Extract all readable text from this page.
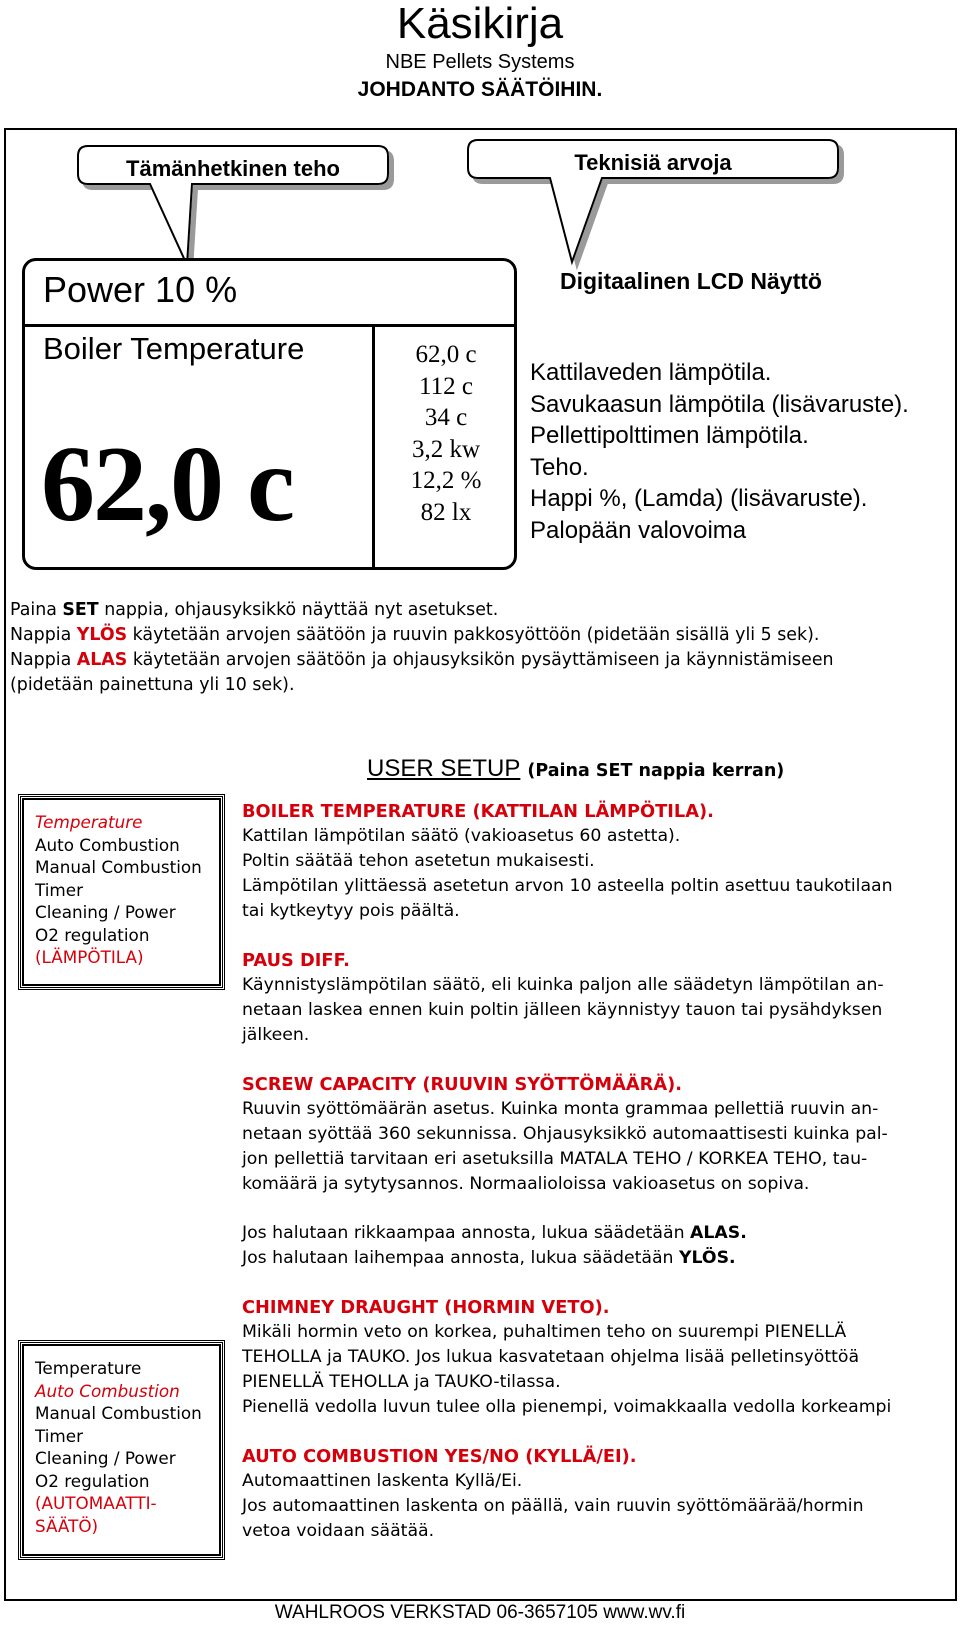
Käsikirja
NBE Pellets Systems
JOHDANTO SÄÄTÖIHIN.
Tämänhetkinen teho	Teknisiä arvoja
Power 10 %
Boiler Temperature
62,0 c
62,0 c
112 c
34 c
3,2 kw
12,2 %
82 lx
Digitaalinen LCD Näyttö
Kattilaveden lämpötila.
Savukaasun lämpötila (lisävaruste).
Pellettipolttimen lämpötila.
Teho.
Happi %, (Lamda) (lisävaruste).
Palopään valovoima
Paina SET nappia, ohjausyksikkö näyttää nyt asetukset.
Nappia YLÖS käytetään arvojen säätöön ja ruuvin pakkosyöttöön (pidetään sisällä yli 5 sek).
Nappia ALAS käytetään arvojen säätöön ja ohjausyksikön pysäyttämiseen ja käynnistämiseen
(pidetään painettuna yli 10 sek).
USER SETUP (Paina SET nappia kerran)
Temperature
Auto Combustion
Manual Combustion
Timer
Cleaning / Power
O2 regulation
(LÄMPÖTILA)
Temperature
Auto Combustion
Manual Combustion
Timer
Cleaning / Power
O2 regulation
(AUTOMAATTI-
SÄÄTÖ)
BOILER TEMPERATURE (KATTILAN LÄMPÖTILA).
Kattilan lämpötilan säätö (vakioasetus 60 astetta).
Poltin säätää tehon asetetun mukaisesti.
Lämpötilan ylittäessä asetetun arvon 10 asteella poltin asettuu taukotilaan
tai kytkeytyy pois päältä.
PAUS DIFF.
Käynnistyslämpötilan säätö, eli kuinka paljon alle säädetyn lämpötilan an-
netaan laskea ennen kuin poltin jälleen käynnistyy tauon tai pysähdyksen
jälkeen.
SCREW CAPACITY (RUUVIN SYÖTTÖMÄÄRÄ).
Ruuvin syöttömäärän asetus. Kuinka monta grammaa pellettiä ruuvin an-
netaan syöttää 360 sekunnissa. Ohjausyksikkö automaattisesti kuinka pal-
jon pellettiä tarvitaan eri asetuksilla MATALA TEHO / KORKEA TEHO, tau-
komäärä ja sytytysannos. Normaalioloissa vakioasetus on sopiva.
Jos halutaan rikkaampaa annosta, lukua säädetään ALAS.
Jos halutaan laihempaa annosta, lukua säädetään YLÖS.
CHIMNEY DRAUGHT (HORMIN VETO).
Mikäli hormin veto on korkea, puhaltimen teho on suurempi PIENELLÄ
TEHOLLA ja TAUKO. Jos lukua kasvatetaan ohjelma lisää pelletinsyöttöä
PIENELLÄ TEHOLLA ja TAUKO-tilassa.
Pienellä vedolla luvun tulee olla pienempi, voimakkaalla vedolla korkeampi
AUTO COMBUSTION YES/NO (KYLLÄ/EI).
Automaattinen laskenta Kyllä/Ei.
Jos automaattinen laskenta on päällä, vain ruuvin syöttömäärää/hormin
vetoa voidaan säätää.
WAHLROOS VERKSTAD 06-3657105 www.wv.fi
